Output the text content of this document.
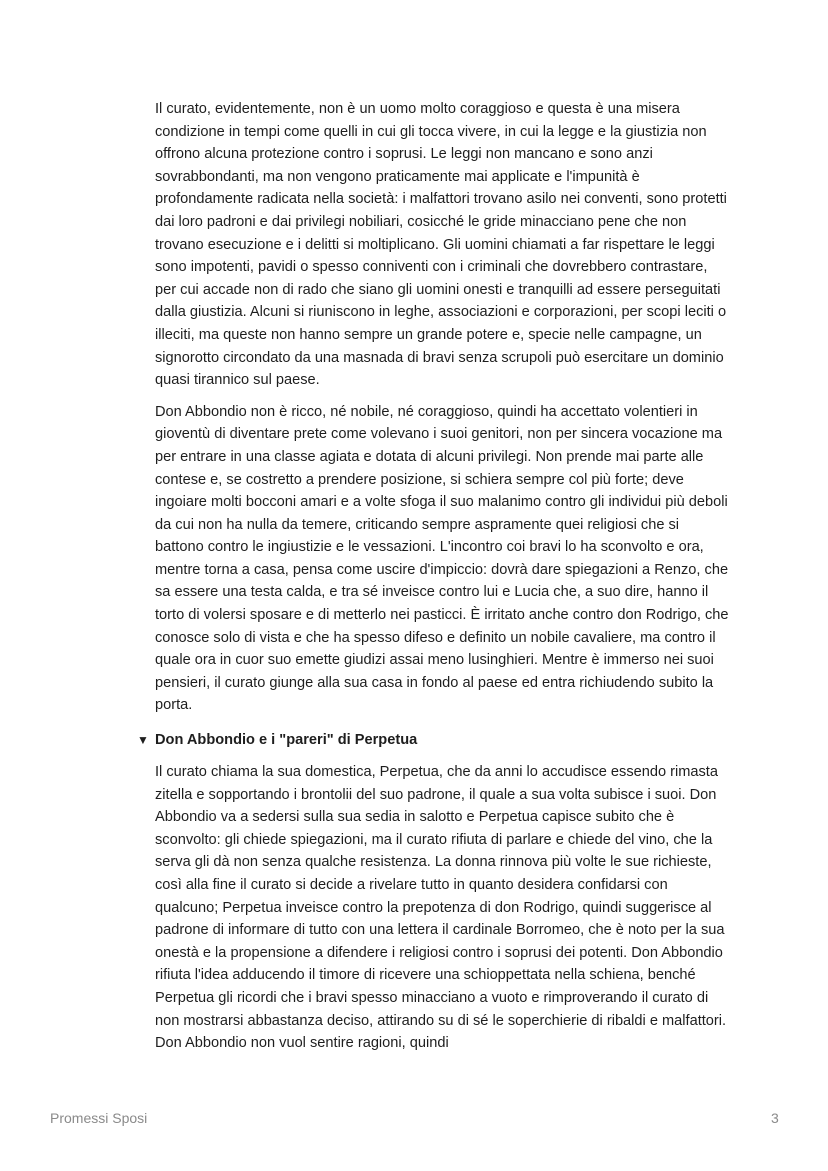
Il curato, evidentemente, non è un uomo molto coraggioso e questa è una misera condizione in tempi come quelli in cui gli tocca vivere, in cui la legge e la giustizia non offrono alcuna protezione contro i soprusi. Le leggi non mancano e sono anzi sovrabbondanti, ma non vengono praticamente mai applicate e l'impunità è profondamente radicata nella società: i malfattori trovano asilo nei conventi, sono protetti dai loro padroni e dai privilegi nobiliari, cosicché le gride minacciano pene che non trovano esecuzione e i delitti si moltiplicano. Gli uomini chiamati a far rispettare le leggi sono impotenti, pavidi o spesso conniventi con i criminali che dovrebbero contrastare, per cui accade non di rado che siano gli uomini onesti e tranquilli ad essere perseguitati dalla giustizia. Alcuni si riuniscono in leghe, associazioni e corporazioni, per scopi leciti o illeciti, ma queste non hanno sempre un grande potere e, specie nelle campagne, un signorotto circondato da una masnada di bravi senza scrupoli può esercitare un dominio quasi tirannico sul paese.

Don Abbondio non è ricco, né nobile, né coraggioso, quindi ha accettato volentieri in gioventù di diventare prete come volevano i suoi genitori, non per sincera vocazione ma per entrare in una classe agiata e dotata di alcuni privilegi. Non prende mai parte alle contese e, se costretto a prendere posizione, si schiera sempre col più forte; deve ingoiare molti bocconi amari e a volte sfoga il suo malanimo contro gli individui più deboli da cui non ha nulla da temere, criticando sempre aspramente quei religiosi che si battono contro le ingiustizie e le vessazioni. L'incontro coi bravi lo ha sconvolto e ora, mentre torna a casa, pensa come uscire d'impiccio: dovrà dare spiegazioni a Renzo, che sa essere una testa calda, e tra sé inveisce contro lui e Lucia che, a suo dire, hanno il torto di volersi sposare e di metterlo nei pasticci. È irritato anche contro don Rodrigo, che conosce solo di vista e che ha spesso difeso e definito un nobile cavaliere, ma contro il quale ora in cuor suo emette giudizi assai meno lusinghieri. Mentre è immerso nei suoi pensieri, il curato giunge alla sua casa in fondo al paese ed entra richiudendo subito la porta.

▼ Don Abbondio e i "pareri" di Perpetua

Il curato chiama la sua domestica, Perpetua, che da anni lo accudisce essendo rimasta zitella e sopportando i brontolii del suo padrone, il quale a sua volta subisce i suoi. Don Abbondio va a sedersi sulla sua sedia in salotto e Perpetua capisce subito che è sconvolto: gli chiede spiegazioni, ma il curato rifiuta di parlare e chiede del vino, che la serva gli dà non senza qualche resistenza. La donna rinnova più volte le sue richieste, così alla fine il curato si decide a rivelare tutto in quanto desidera confidarsi con qualcuno; Perpetua inveisce contro la prepotenza di don Rodrigo, quindi suggerisce al padrone di informare di tutto con una lettera il cardinale Borromeo, che è noto per la sua onestà e la propensione a difendere i religiosi contro i soprusi dei potenti. Don Abbondio rifiuta l'idea adducendo il timore di ricevere una schioppettata nella schiena, benché Perpetua gli ricordi che i bravi spesso minacciano a vuoto e rimproverando il curato di non mostrarsi abbastanza deciso, attirando su di sé le soperchierie di ribaldi e malfattori. Don Abbondio non vuol sentire ragioni, quindi

Promessi Sposi	3
